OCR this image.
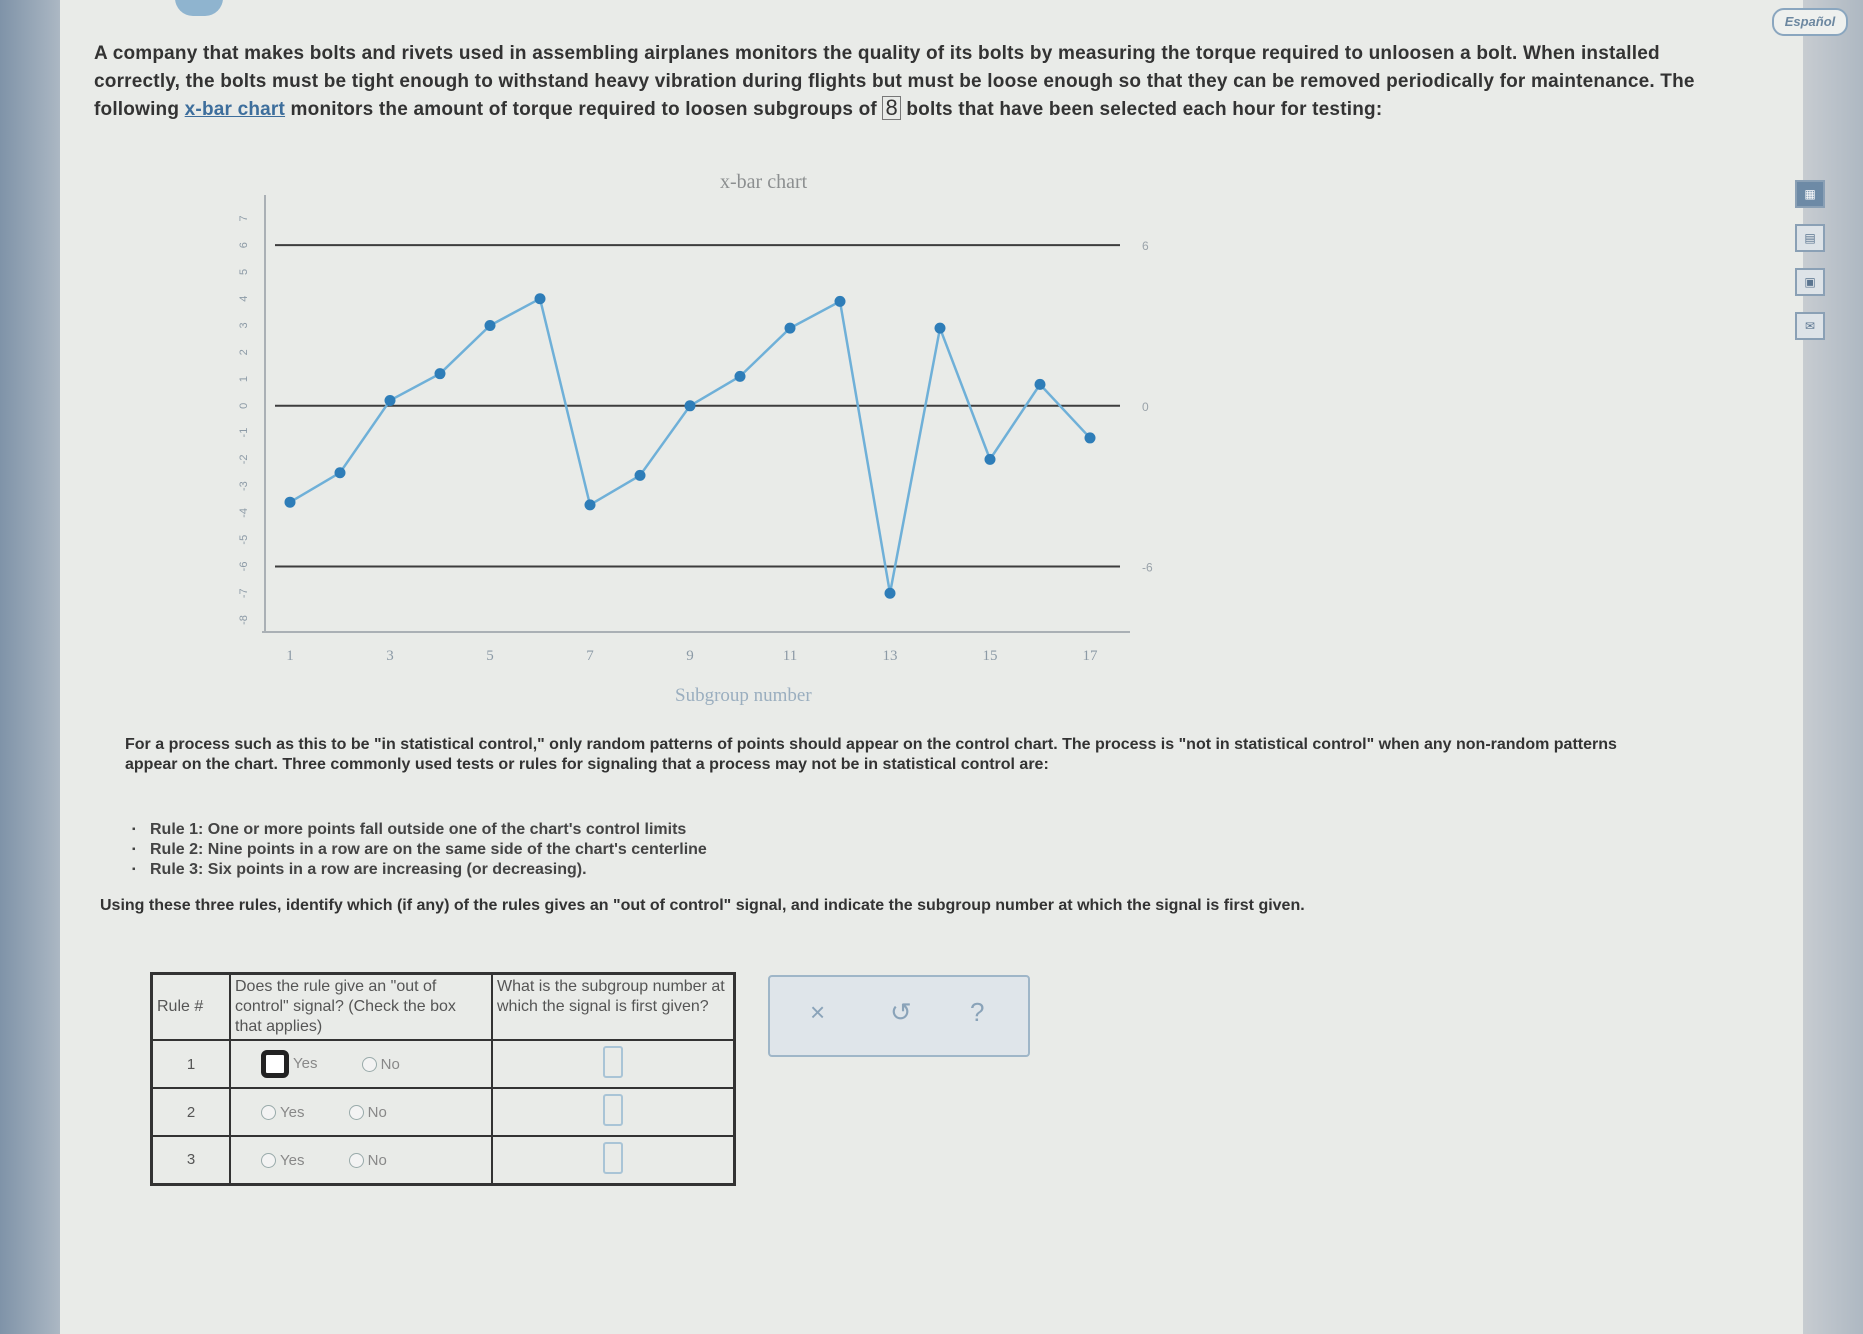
Español
A company that makes bolts and rivets used in assembling airplanes monitors the quality of its bolts by measuring the torque required to unloosen a bolt. When installed correctly, the bolts must be tight enough to withstand heavy vibration during flights but must be loose enough so that they can be removed periodically for maintenance. The following x-bar chart monitors the amount of torque required to loosen subgroups of 8 bolts that have been selected each hour for testing:
▦
▤
▣
✉
x-bar chart
-8
-7
-6
-5
-4
-3
-2
-1
0
1
2
3
4
5
6
7
1	3	5	7	9	11	13	15	17
6
0
-6
Subgroup number
For a process such as this to be "in statistical control," only random patterns of points should appear on the control chart. The process is "not in statistical control" when any non-random patterns appear on the chart. Three commonly used tests or rules for signaling that a process may not be in statistical control are:
▪ Rule 1: One or more points fall outside one of the chart's control limits
▪ Rule 2: Nine points in a row are on the same side of the chart's centerline
▪ Rule 3: Six points in a row are increasing (or decreasing).
Using these three rules, identify which (if any) of the rules gives an "out of control" signal, and indicate the subgroup number at which the signal is first given.
Rule #	Does the rule give an "out of control" signal? (Check the box that applies)	What is the subgroup number at which the signal is first given?
1	Yes No	
2	Yes No	
3	Yes No	
× ↺ ?
